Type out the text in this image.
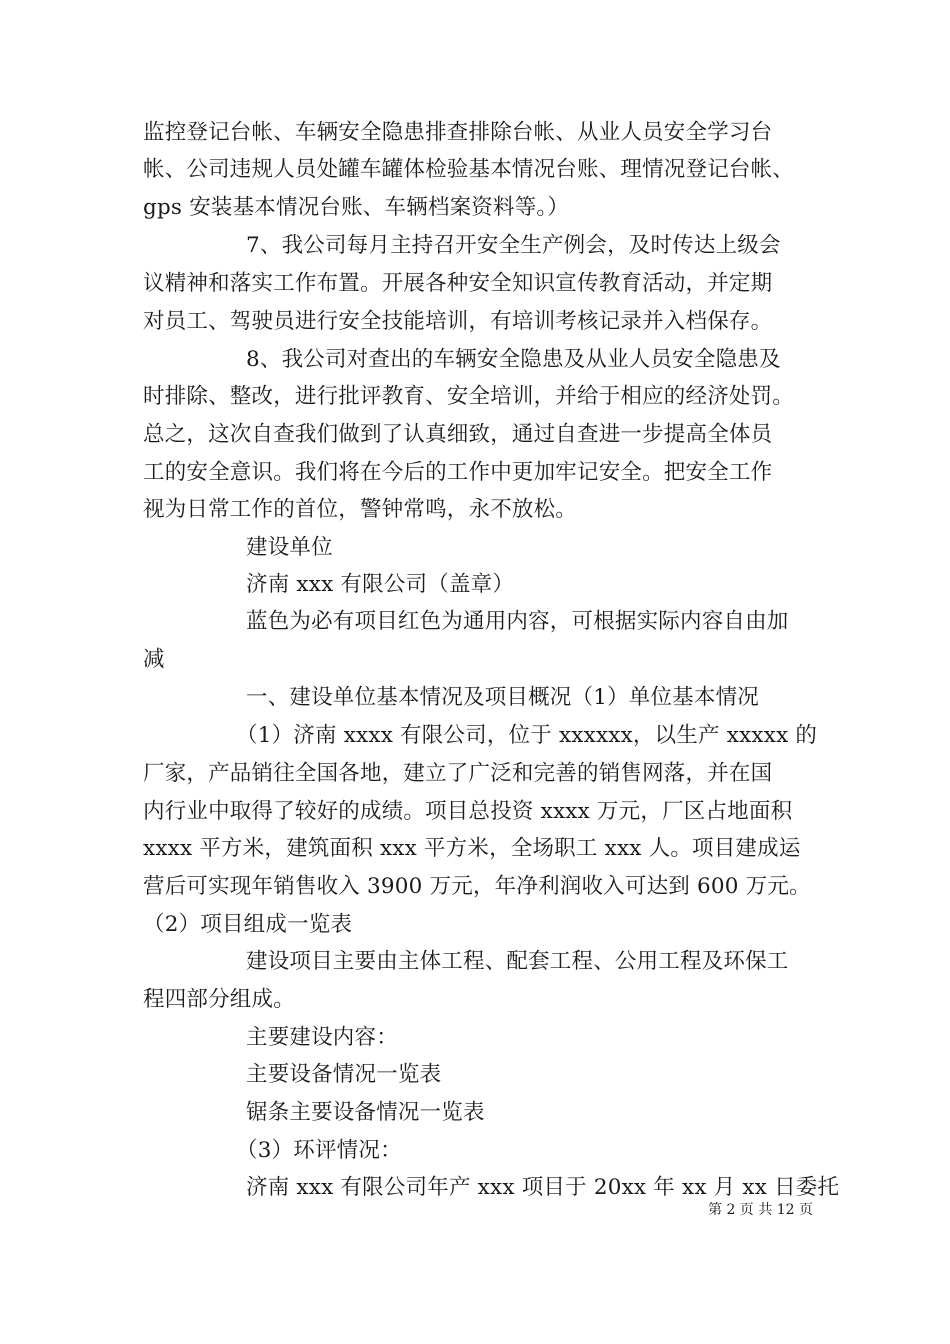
监控登记台帐、车辆安全隐患排查排除台帐、从业人员安全学习台
帐、公司违规人员处罐车罐体检验基本情况台账、理情况登记台帐、
gps 安装基本情况台账、车辆档案资料等。）
7、我公司每月主持召开安全生产例会，及时传达上级会
议精神和落实工作布置。开展各种安全知识宣传教育活动，并定期
对员工、驾驶员进行安全技能培训，有培训考核记录并入档保存。
8、我公司对查出的车辆安全隐患及从业人员安全隐患及
时排除、整改，进行批评教育、安全培训，并给于相应的经济处罚。
总之，这次自查我们做到了认真细致，通过自查进一步提高全体员
工的安全意识。我们将在今后的工作中更加牢记安全。把安全工作
视为日常工作的首位，警钟常鸣，永不放松。
建设单位
济南 xxx 有限公司（盖章）
蓝色为必有项目红色为通用内容，可根据实际内容自由加
减
一、建设单位基本情况及项目概况（1）单位基本情况
（1）济南 xxxx 有限公司，位于 xxxxxx，以生产 xxxxx 的
厂家，产品销往全国各地，建立了广泛和完善的销售网落，并在国
内行业中取得了较好的成绩。项目总投资 xxxx 万元，厂区占地面积
xxxx 平方米，建筑面积 xxx 平方米，全场职工 xxx 人。项目建成运
营后可实现年销售收入 3900 万元，年净利润收入可达到 600 万元。
（2）项目组成一览表
建设项目主要由主体工程、配套工程、公用工程及环保工
程四部分组成。
主要建设内容：
主要设备情况一览表
锯条主要设备情况一览表
（3）环评情况：
济南 xxx 有限公司年产 xxx 项目于 20xx 年 xx 月 xx 日委托
第 2 页 共 12 页
